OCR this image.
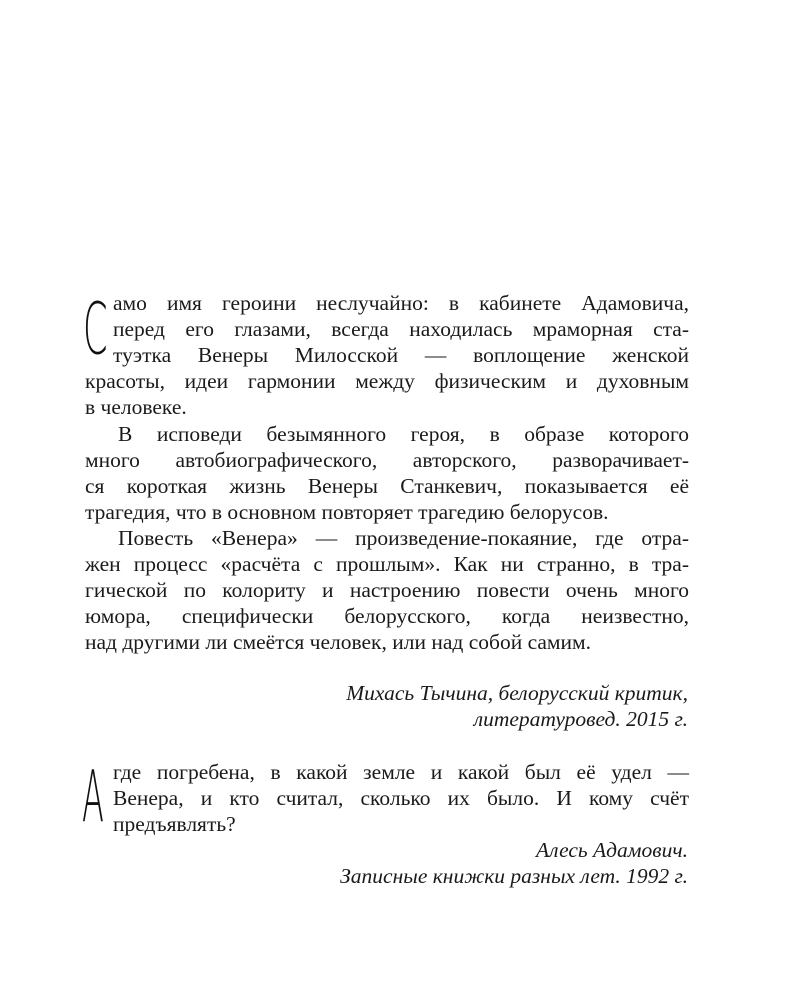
С амо имя героини неслучайно: в кабинете Адамовича,
перед его глазами, всегда находилась мраморная ста-
туэтка Венеры Милосской — воплощение женской
красоты, идеи гармонии между физическим и духовным
в человеке.
В исповеди безымянного героя, в образе которого
много автобиографического, авторского, разворачивает-
ся короткая жизнь Венеры Станкевич, показывается её
трагедия, что в основном повторяет трагедию белорусов.
Повесть «Венера» — произведение-покаяние, где отра-
жен процесс «расчёта с прошлым». Как ни странно, в тра-
гической по колориту и настроению повести очень много
юмора, специфически белорусского, когда неизвестно,
над другими ли смеётся человек, или над собой самим.
Михась Тычина, белорусский критик,
литературовед. 2015 г.
А где погребена, в какой земле и какой был её удел —
Венера, и кто считал, сколько их было. И кому счёт
предъявлять?
Алесь Адамович.
Записные книжки разных лет. 1992 г.
